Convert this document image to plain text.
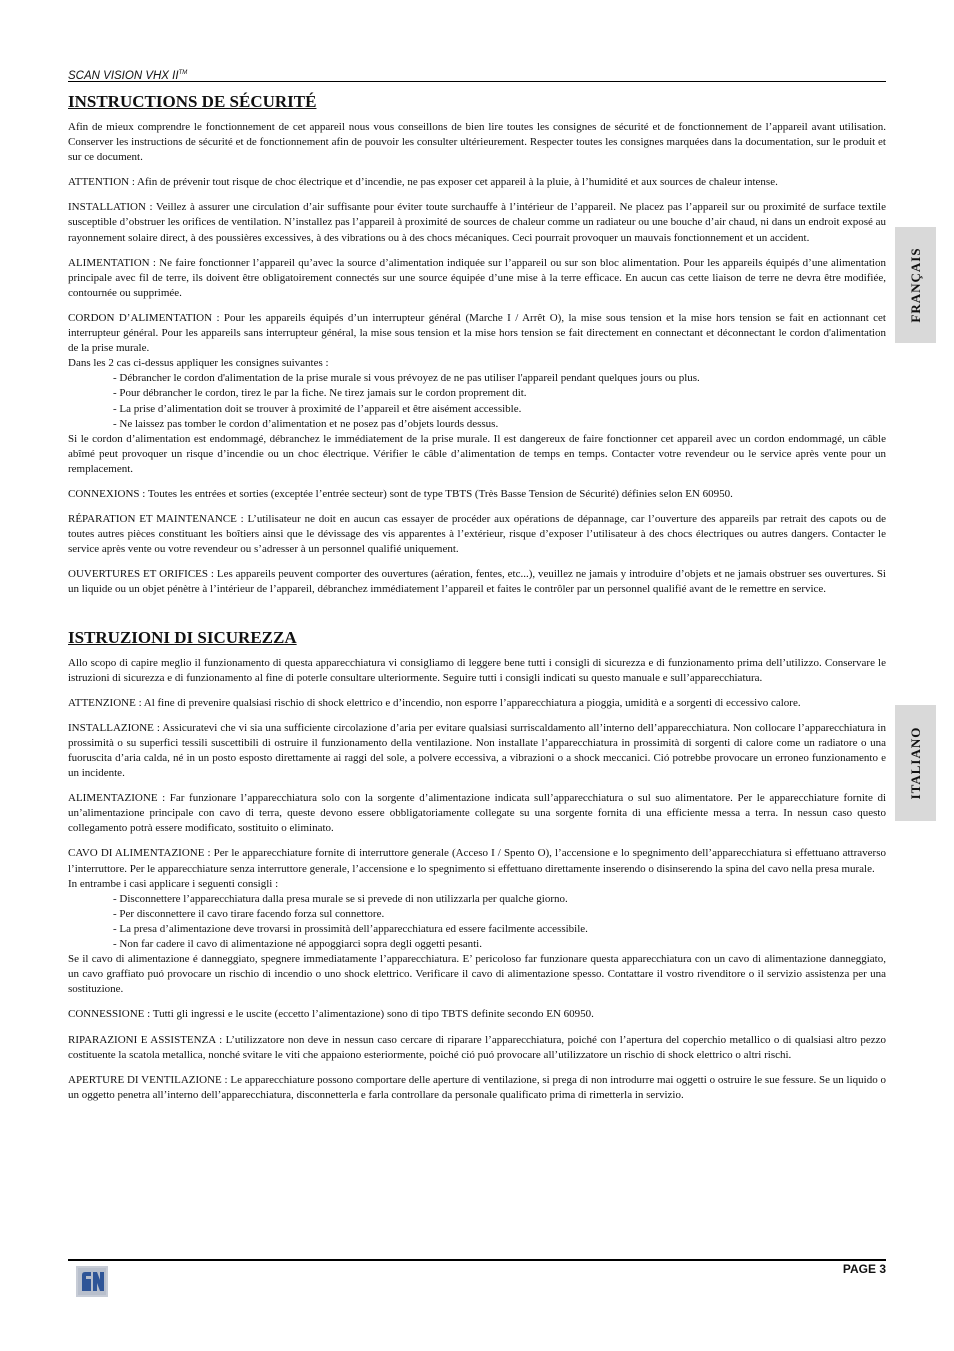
SCAN VISION VHX II™
INSTRUCTIONS DE SÉCURITÉ

Afin de mieux comprendre le fonctionnement de cet appareil nous vous conseillons de bien lire toutes les consignes de sécurité et de fonctionnement de l’appareil avant utilisation. Conserver les instructions de sécurité et de fonctionnement afin de pouvoir les consulter ultérieurement. Respecter toutes les consignes marquées dans la documentation, sur le produit et sur ce document.

ATTENTION : Afin de prévenir tout risque de choc électrique et d’incendie, ne pas exposer cet appareil à la pluie, à l’humidité et aux sources de chaleur intense.

INSTALLATION : Veillez à assurer une circulation d’air suffisante pour éviter toute surchauffe à l’intérieur de l’appareil. Ne placez pas l’appareil sur ou proximité de surface textile susceptible d’obstruer les orifices de ventilation. N’installez pas l’appareil à proximité de sources de chaleur comme un radiateur ou une bouche d’air chaud, ni dans un endroit exposé au rayonnement solaire direct, à des poussières excessives, à des vibrations ou à des chocs mécaniques. Ceci pourrait provoquer un mauvais fonctionnement et un accident.

ALIMENTATION : Ne faire fonctionner l’appareil qu’avec la source d’alimentation indiquée sur l’appareil ou sur son bloc alimentation. Pour les appareils équipés d’une alimentation principale avec fil de terre, ils doivent être obligatoirement connectés sur une source équipée d’une mise à la terre efficace. En aucun cas cette liaison de terre ne devra être modifiée, contournée ou supprimée.

CORDON D’ALIMENTATION : Pour les appareils équipés d’un interrupteur général (Marche I / Arrêt O), la mise sous tension et la mise hors tension se fait en actionnant cet interrupteur général. Pour les appareils sans interrupteur général, la mise sous tension et la mise hors tension se fait directement en connectant et déconnectant le cordon d'alimentation de la prise murale.

Dans les 2 cas ci-dessus appliquer les consignes suivantes :

- Débrancher le cordon d'alimentation de la prise murale si vous prévoyez de ne pas utiliser l'appareil pendant quelques jours ou plus.
- Pour débrancher le cordon, tirez le par la fiche. Ne tirez jamais sur le cordon proprement dit.
- La prise d’alimentation doit se trouver à proximité de l’appareil et être aisément accessible.
- Ne laissez pas tomber le cordon d’alimentation et ne posez pas d’objets lourds dessus.

Si le cordon d’alimentation est endommagé, débranchez le immédiatement de la prise murale. Il est dangereux de faire fonctionner cet appareil avec un cordon endommagé, un câble abîmé peut provoquer un risque d’incendie ou un choc électrique. Vérifier le câble d’alimentation de temps en temps. Contacter votre revendeur ou le service après vente pour un remplacement.

CONNEXIONS : Toutes les entrées et sorties (exceptée l’entrée secteur) sont de type TBTS (Très Basse Tension de Sécurité) définies selon EN 60950.

RÉPARATION ET MAINTENANCE : L’utilisateur ne doit en aucun cas essayer de procéder aux opérations de dépannage, car l’ouverture des appareils par retrait des capots ou de toutes autres pièces constituant les boîtiers ainsi que le dévissage des vis apparentes à l’extérieur, risque d’exposer l’utilisateur à des chocs électriques ou autres dangers. Contacter le service après vente ou votre revendeur ou s’adresser à un personnel qualifié uniquement.

OUVERTURES ET ORIFICES : Les appareils peuvent comporter des ouvertures (aération, fentes, etc...), veuillez ne jamais y introduire d’objets et ne jamais obstruer ses ouvertures. Si un liquide ou un objet pénètre à l’intérieur de l’appareil, débranchez immédiatement l’appareil et faites le contrôler par un personnel qualifié avant de le remettre en service.

ISTRUZIONI DI SICUREZZA

Allo scopo di capire meglio il funzionamento di questa apparecchiatura vi consigliamo di leggere bene tutti i consigli di sicurezza e di funzionamento prima dell’utilizzo. Conservare le istruzioni di sicurezza e di funzionamento al fine di poterle consultare ulteriormente. Seguire tutti i consigli indicati su questo manuale e sull’apparecchiatura.

ATTENZIONE : Al fine di prevenire qualsiasi rischio di shock elettrico e d’incendio, non esporre l’apparecchiatura a pioggia, umidità e a sorgenti di eccessivo calore.

INSTALLAZIONE : Assicuratevi che vi sia una sufficiente circolazione d’aria per evitare qualsiasi surriscaldamento all’interno dell’apparecchiatura. Non collocare l’apparecchiatura in prossimità o su superfici tessili suscettibili di ostruire il funzionamento della ventilazione. Non installate l’apparecchiatura in prossimità di sorgenti di calore come un radiatore o una fuoruscita d’aria calda, né in un posto esposto direttamente ai raggi del sole, a polvere eccessiva, a vibrazioni o a shock meccanici. Ció potrebbe provocare un erroneo funzionamento e un incidente.

ALIMENTAZIONE : Far funzionare l’apparecchiatura solo con la sorgente d’alimentazione indicata sull’apparecchiatura o sul suo alimentatore. Per le apparecchiature fornite di un’alimentazione principale con cavo di terra, queste devono essere obbligatoriamente collegate su una sorgente fornita di una efficiente messa a terra. In nessun caso questo collegamento potrà essere modificato, sostituito o eliminato.

CAVO DI ALIMENTAZIONE : Per le apparecchiature fornite di interruttore generale (Acceso I / Spento O), l’accensione e lo spegnimento dell’apparecchiatura si effettuano attraverso l’interruttore. Per le apparecchiature senza interruttore generale, l’accensione e lo spegnimento si effettuano direttamente inserendo o disinserendo la spina del cavo nella presa murale.

In entrambe i casi applicare i seguenti consigli :

- Disconnettere l’apparecchiatura dalla presa murale se si prevede di non utilizzarla per qualche giorno.
- Per disconnettere il cavo tirare facendo forza sul connettore.
- La presa d’alimentazione deve trovarsi in prossimità dell’apparecchiatura ed essere facilmente accessibile.
- Non far cadere il cavo di alimentazione né appoggiarci sopra degli oggetti pesanti.

Se il cavo di alimentazione é danneggiato, spegnere immediatamente l’apparecchiatura. E’ pericoloso far funzionare questa apparecchiatura con un cavo di alimentazione danneggiato, un cavo graffiato puó provocare un rischio di incendio o uno shock elettrico. Verificare il cavo di alimentazione spesso. Contattare il vostro rivenditore o il servizio assistenza per una sostituzione.

CONNESSIONE : Tutti gli ingressi e le uscite (eccetto l’alimentazione) sono di tipo TBTS definite secondo EN 60950.

RIPARAZIONI E ASSISTENZA : L’utilizzatore non deve in nessun caso cercare di riparare l’apparecchiatura, poiché con l’apertura del coperchio metallico o di qualsiasi altro pezzo costituente la scatola metallica, nonché svitare le viti che appaiono esteriormente, poiché ció puó provocare all’utilizzatore un rischio di shock elettrico o altri rischi.

APERTURE DI VENTILAZIONE : Le apparecchiature possono comportare delle aperture di ventilazione, si prega di non introdurre mai oggetti o ostruire le sue fessure. Se un liquido o un oggetto penetra all’interno dell’apparecchiatura, disconnetterla e farla controllare da personale qualificato prima di rimetterla in servizio.

FRANÇAIS
ITALIANO
PAGE 3
